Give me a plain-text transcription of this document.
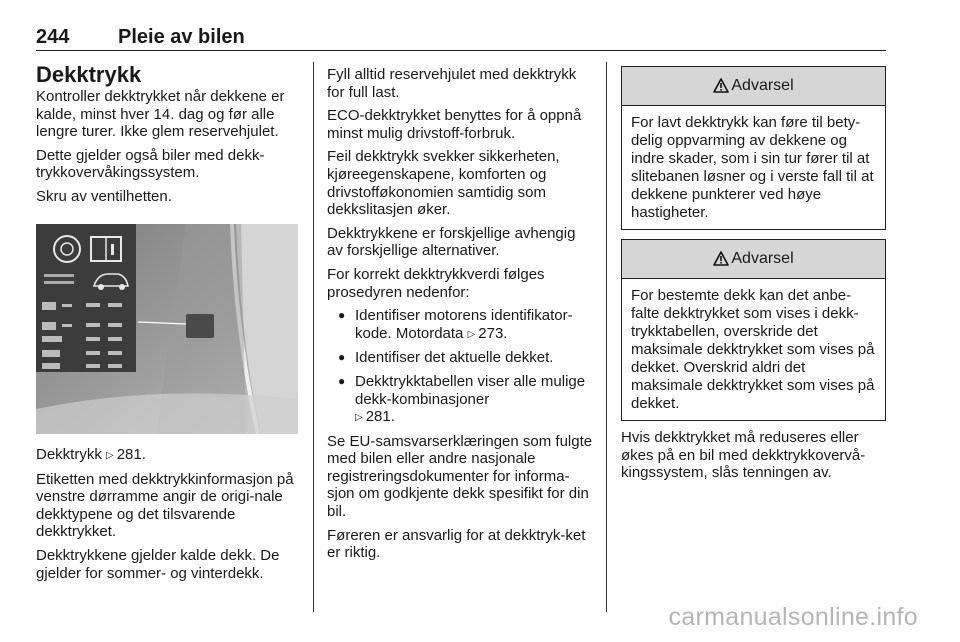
244 Pleie av bilen
Dekktrykk

Kontroller dekktrykket når dekkene er kalde, minst hver 14. dag og før alle lengre turer. Ikke glem reservehjulet.

Dette gjelder også biler med dekk-trykkovervåkingssystem.

Skru av ventilhetten.

Dekktrykk ▷ 281.

Etiketten med dekktrykkinformasjon på venstre dørramme angir de origi-nale dekktypene og det tilsvarende dekktrykket.

Dekktrykkene gjelder kalde dekk. De gjelder for sommer- og vinterdekk.

Fyll alltid reservehjulet med dekktrykk for full last.

ECO-dekktrykket benyttes for å oppnå minst mulig drivstoff-forbruk.

Feil dekktrykk svekker sikkerheten, kjøreegenskapene, komforten og drivstofføkonomien samtidig som dekkslitasjen øker.

Dekktrykkene er forskjellige avhengig av forskjellige alternativer.

For korrekt dekktrykkverdi følges prosedyren nedenfor:

● Identifiser motorens identifikator-kode. Motordata ▷ 273.
● Identifiser det aktuelle dekket.
● Dekktrykktabellen viser alle mulige dekk-kombinasjoner
▷ 281.

Se EU-samsvarserklæringen som fulgte med bilen eller andre nasjonale registreringsdokumenter for informa-sjon om godkjente dekk spesifikt for din bil.

Føreren er ansvarlig for at dekktryk-ket er riktig.

Advarsel
For lavt dekktrykk kan føre til bety-delig oppvarming av dekkene og indre skader, som i sin tur fører til at slitebanen løsner og i verste fall til at dekkene punkterer ved høye hastigheter.
Advarsel
For bestemte dekk kan det anbe-falte dekktrykket som vises i dekk-trykktabellen, overskride det maksimale dekktrykket som vises på dekket. Overskrid aldri det maksimale dekktrykket som vises på dekket.

Hvis dekktrykket må reduseres eller økes på en bil med dekktrykkovervå-kingssystem, slås tenningen av.

carmanualsonline.info
